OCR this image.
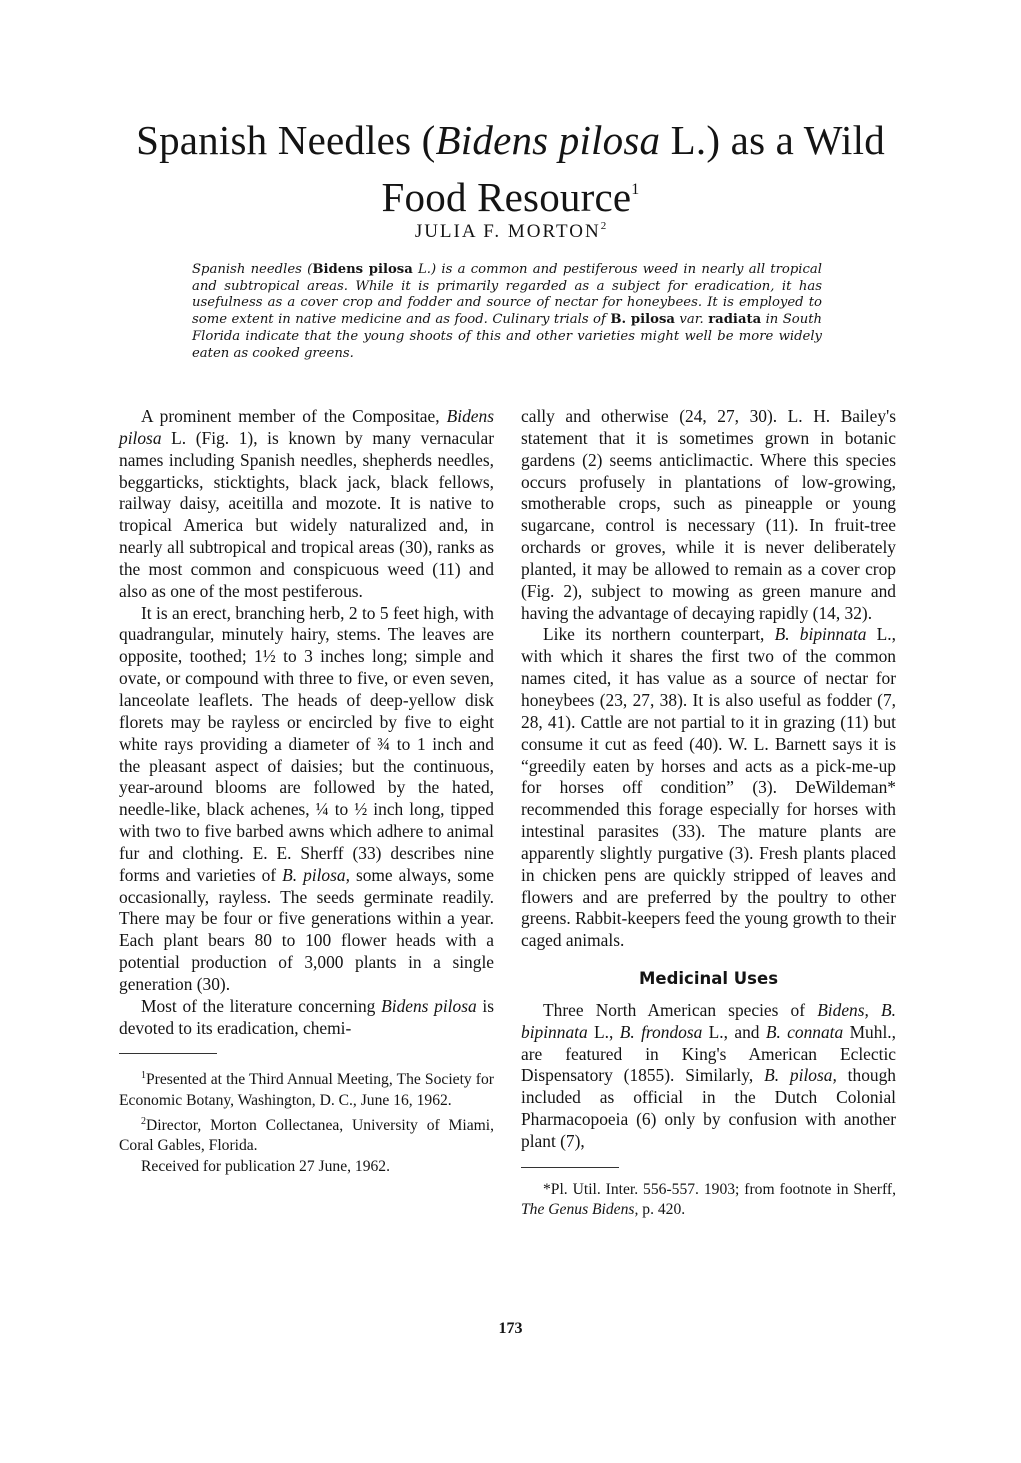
Spanish Needles (Bidens pilosa L.) as a Wild
Food Resource$^1$
JULIA F. MORTON$^2$
Spanish needles (Bidens pilosa L.) is a common and pestiferous weed in nearly all tropical and subtropical areas. While it is primarily regarded as a subject for eradication, it has usefulness as a cover crop and fodder and source of nectar for honeybees. It is employed to some extent in native medicine and as food. Culinary trials of B. pilosa var. radiata in South Florida indicate that the young shoots of this and other varieties might well be more widely eaten as cooked greens.

A prominent member of the Compositae, Bidens pilosa L. (Fig. 1), is known by many vernacular names including Spanish needles, shepherds needles, beggarticks, sticktights, black jack, black fellows, railway daisy, aceitilla and mozote. It is native to tropical America but widely naturalized and, in nearly all subtropical and tropical areas (30), ranks as the most common and conspicuous weed (11) and also as one of the most pestiferous.

It is an erect, branching herb, 2 to 5 feet high, with quadrangular, minutely hairy, stems. The leaves are opposite, toothed; 1½ to 3 inches long; simple and ovate, or compound with three to five, or even seven, lanceolate leaflets. The heads of deep-yellow disk florets may be rayless or encircled by five to eight white rays providing a diameter of ¾ to 1 inch and the pleasant aspect of daisies; but the continuous, year-around blooms are followed by the hated, needle-like, black achenes, ¼ to ½ inch long, tipped with two to five barbed awns which adhere to animal fur and clothing. E. E. Sherff (33) describes nine forms and varieties of B. pilosa, some always, some occasionally, rayless. The seeds germinate readily. There may be four or five generations within a year. Each plant bears 80 to 100 flower heads with a potential production of 3,000 plants in a single generation (30).

Most of the literature concerning Bidens pilosa is devoted to its eradication, chemi-

$^1$Presented at the Third Annual Meeting, The Society for Economic Botany, Washington, D. C., June 16, 1962.

$^2$Director, Morton Collectanea, University of Miami, Coral Gables, Florida.

Received for publication 27 June, 1962.

cally and otherwise (24, 27, 30). L. H. Bailey's statement that it is sometimes grown in botanic gardens (2) seems anticlimactic. Where this species occurs profusely in plantations of low-growing, smotherable crops, such as pineapple or young sugarcane, control is necessary (11). In fruit-tree orchards or groves, while it is never deliberately planted, it may be allowed to remain as a cover crop (Fig. 2), subject to mowing as green manure and having the advantage of decaying rapidly (14, 32).

Like its northern counterpart, B. bipinnata L., with which it shares the first two of the common names cited, it has value as a source of nectar for honeybees (23, 27, 38). It is also useful as fodder (7, 28, 41). Cattle are not partial to it in grazing (11) but consume it cut as feed (40). W. L. Barnett says it is “greedily eaten by horses and acts as a pick-me-up for horses off condition” (3). DeWildeman* recommended this forage especially for horses with intestinal parasites (33). The mature plants are apparently slightly purgative (3). Fresh plants placed in chicken pens are quickly stripped of leaves and flowers and are preferred by the poultry to other greens. Rabbit-keepers feed the young growth to their caged animals.

Medicinal Uses

Three North American species of Bidens, B. bipinnata L., B. frondosa L., and B. connata Muhl., are featured in King's American Eclectic Dispensatory (1855). Similarly, B. pilosa, though included as official in the Dutch Colonial Pharmacopoeia (6) only by confusion with another plant (7),

*Pl. Util. Inter. 556-557. 1903; from footnote in Sherff, The Genus Bidens, p. 420.

173
